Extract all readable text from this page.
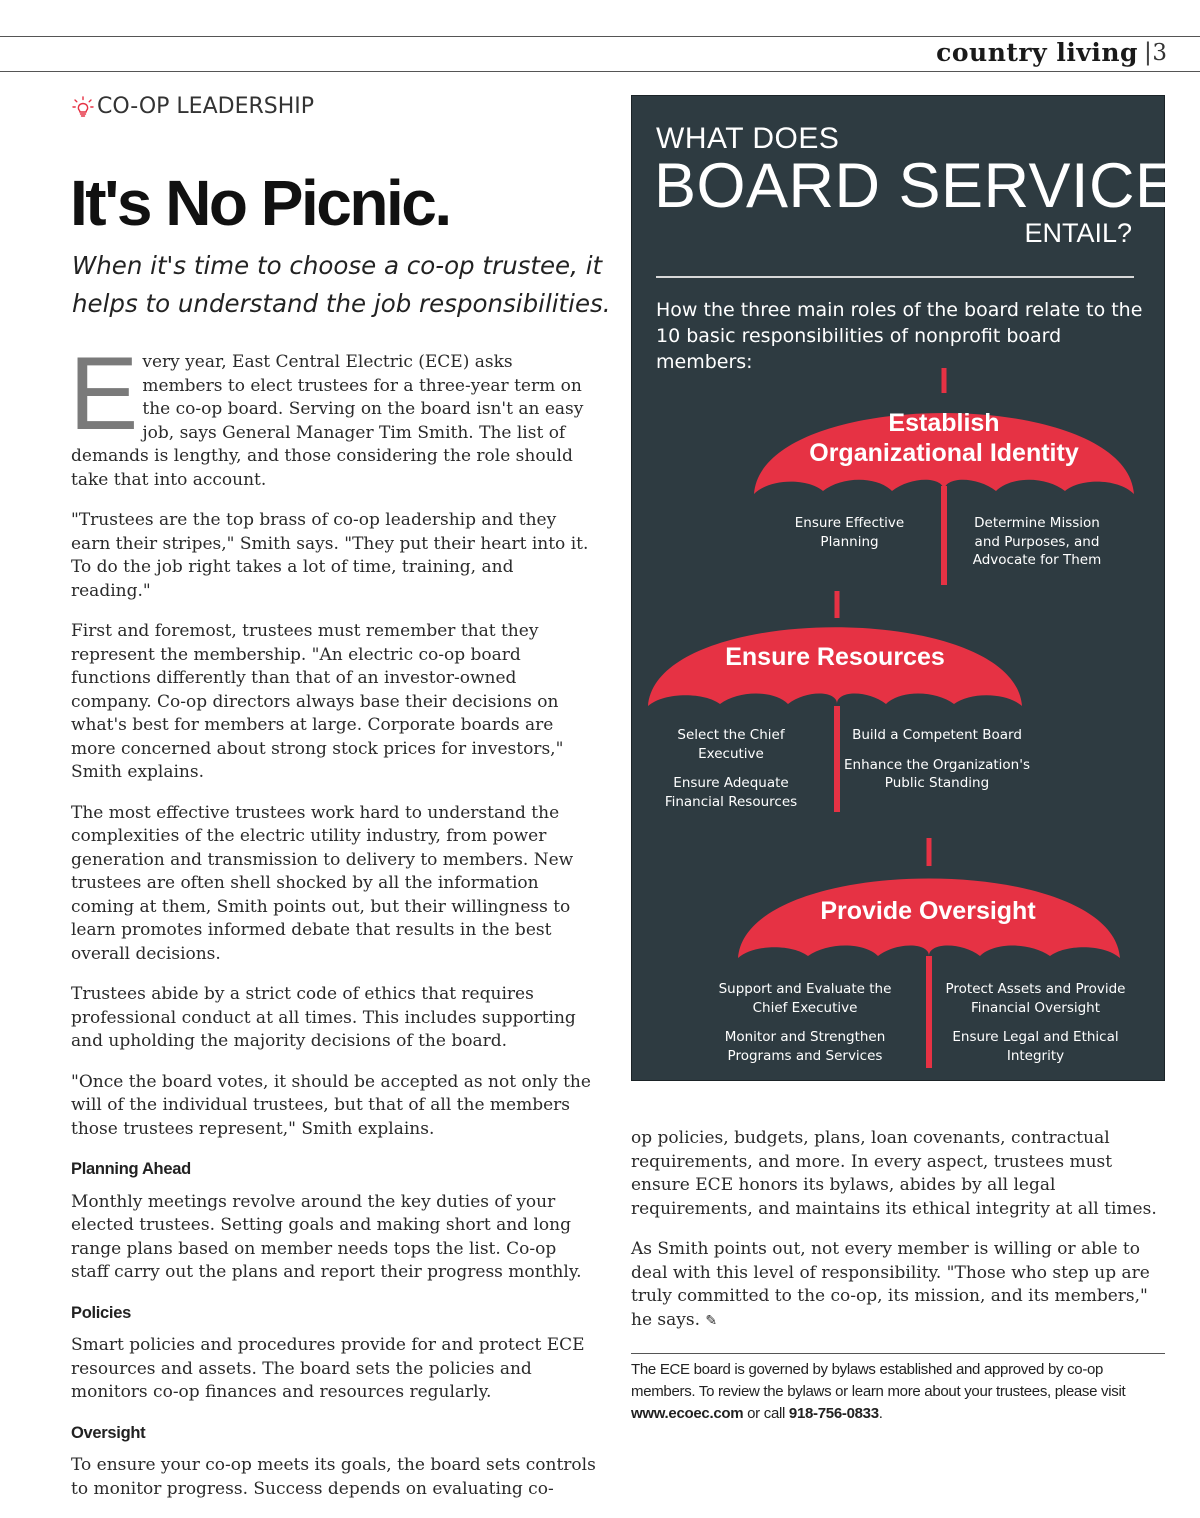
country living | 3
CO-OP LEADERSHIP
It's No Picnic.
When it's time to choose a co-op trustee, it helps to understand the job responsibilities.

Every year, East Central Electric (ECE) asks members to elect trustees for a three-year term on the co-op board. Serving on the board isn't an easy job, says General Manager Tim Smith. The list of demands is lengthy, and those considering the role should take that into account.

"Trustees are the top brass of co-op leadership and they earn their stripes," Smith says. "They put their heart into it. To do the job right takes a lot of time, training, and reading."

First and foremost, trustees must remember that they represent the membership. "An electric co-op board functions differently than that of an investor-owned company. Co-op directors always base their decisions on what's best for members at large. Corporate boards are more concerned about strong stock prices for investors," Smith explains.

The most effective trustees work hard to understand the complexities of the electric utility industry, from power generation and transmission to delivery to members. New trustees are often shell shocked by all the information coming at them, Smith points out, but their willingness to learn promotes informed debate that results in the best overall decisions.

Trustees abide by a strict code of ethics that requires professional conduct at all times. This includes supporting and upholding the majority decisions of the board.

"Once the board votes, it should be accepted as not only the will of the individual trustees, but that of all the members those trustees represent," Smith explains.

Planning Ahead

Monthly meetings revolve around the key duties of your elected trustees. Setting goals and making short and long range plans based on member needs tops the list. Co-op staff carry out the plans and report their progress monthly.

Policies

Smart policies and procedures provide for and protect ECE resources and assets. The board sets the policies and monitors co-op finances and resources regularly.

Oversight

To ensure your co-op meets its goals, the board sets controls to monitor progress. Success depends on evaluating co-

op policies, budgets, plans, loan covenants, contractual requirements, and more. In every aspect, trustees must ensure ECE honors its bylaws, abides by all legal requirements, and maintains its ethical integrity at all times.

As Smith points out, not every member is willing or able to deal with this level of responsibility. "Those who step up are truly committed to the co-op, its mission, and its members," he says. ✎

The ECE board is governed by bylaws established and approved by co-op members. To review the bylaws or learn more about your trustees, please visit www.ecoec.com or call 918-756-0833.
WHAT DOES
BOARD SERVICE
ENTAIL?
How the three main roles of the board relate to the 10 basic responsibilities of nonprofit board members:
Establish
Organizational Identity
Ensure Effective Planning
Determine Mission and Purposes, and Advocate for Them
Ensure Resources
Select the Chief Executive
Ensure Adequate Financial Resources
Build a Competent Board
Enhance the Organization's Public Standing
Provide Oversight
Support and Evaluate the Chief Executive
Monitor and Strengthen Programs and Services
Protect Assets and Provide Financial Oversight
Ensure Legal and Ethical Integrity
